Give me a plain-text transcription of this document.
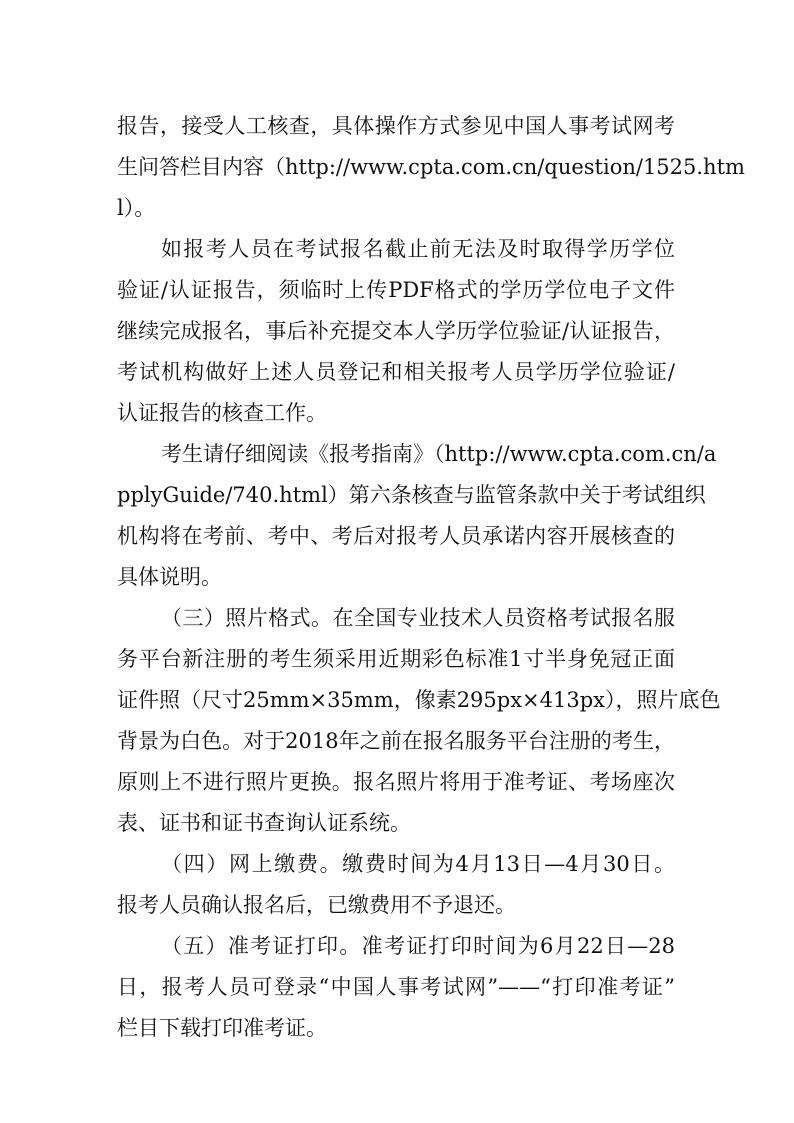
报告，接受人工核查，具体操作方式参见中国人事考试网考
生问答栏目内容（http://www.cpta.com.cn/question/1525.htm
l）。
如报考人员在考试报名截止前无法及时取得学历学位
验证/认证报告，须临时上传PDF格式的学历学位电子文件
继续完成报名，事后补充提交本人学历学位验证/认证报告，
考试机构做好上述人员登记和相关报考人员学历学位验证/
认证报告的核查工作。
考生请仔细阅读《报考指南》（http://www.cpta.com.cn/a
pplyGuide/740.html）第六条核查与监管条款中关于考试组织
机构将在考前、考中、考后对报考人员承诺内容开展核查的
具体说明。
（三）照片格式。在全国专业技术人员资格考试报名服
务平台新注册的考生须采用近期彩色标准1寸半身免冠正面
证件照（尺寸25mm×35mm，像素295px×413px），照片底色
背景为白色。对于2018年之前在报名服务平台注册的考生，
原则上不进行照片更换。报名照片将用于准考证、考场座次
表、证书和证书查询认证系统。
（四）网上缴费。缴费时间为4月13日—4月30日。
报考人员确认报名后，已缴费用不予退还。
（五）准考证打印。准考证打印时间为6月22日—28
日，报考人员可登录“中国人事考试网”——“打印准考证”
栏目下载打印准考证。
